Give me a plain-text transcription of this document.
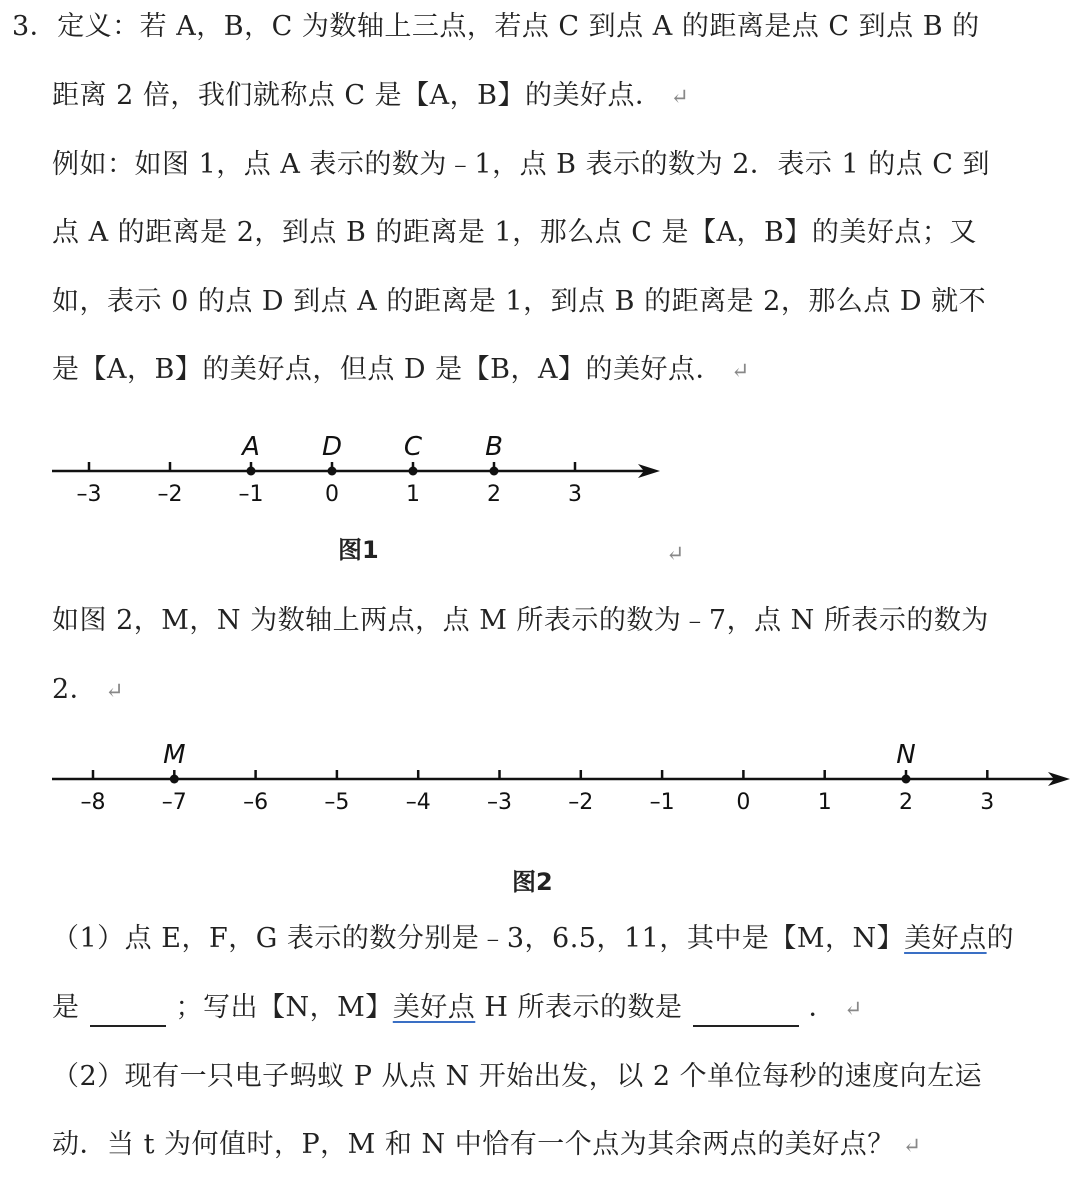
3．定义：若 A，B，C 为数轴上三点，若点 C 到点 A 的距离是点 C 到点 B 的
距离 2 倍，我们就称点 C 是【A，B】的美好点． ↵
例如：如图 1，点 A 表示的数为﹣1，点 B 表示的数为 2．表示 1 的点 C 到
点 A 的距离是 2，到点 B 的距离是 1，那么点 C 是【A，B】的美好点；又
如，表示 0 的点 D 到点 A 的距离是 1，到点 B 的距离是 2，那么点 D 就不
是【A，B】的美好点，但点 D 是【B，A】的美好点． ↵
–3	–2	–1	0	1	2	3
A D C B
图1	↵
如图 2，M，N 为数轴上两点，点 M 所表示的数为﹣7，点 N 所表示的数为
2． ↵
–8	–7	–6	–5	–4	–3	–2	–1	0	1	2	3
M	N
图2
（1）点 E，F，G 表示的数分别是﹣3，6.5，11，其中是【M，N】美好点的
是	；写出【N，M】美好点 H 所表示的数是	． ↵
（2）现有一只电子蚂蚁 P 从点 N 开始出发，以 2 个单位每秒的速度向左运
动．当 t 为何值时，P，M 和 N 中恰有一个点为其余两点的美好点？ ↵
